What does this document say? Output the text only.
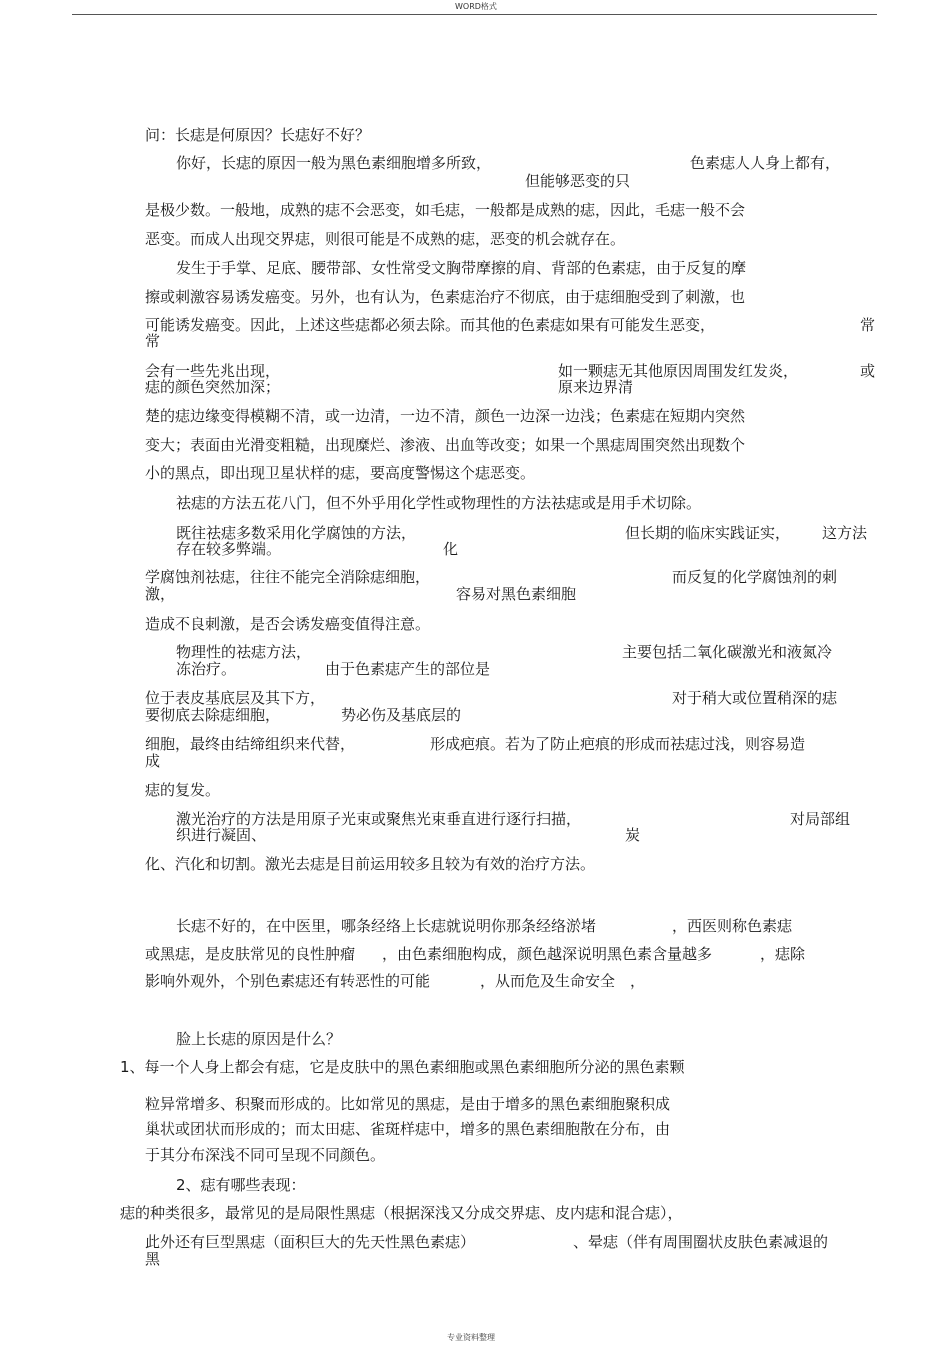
WORD格式
问：长痣是何原因？长痣好不好？
你好，长痣的原因一般为黑色素细胞增多所致，	色素痣人人身上都有，
但能够恶变的只
是极少数。一般地，成熟的痣不会恶变，如毛痣，一般都是成熟的痣，因此，毛痣一般不会
恶变。而成人出现交界痣，则很可能是不成熟的痣，恶变的机会就存在。
发生于手掌、足底、腰带部、女性常受文胸带摩擦的肩、背部的色素痣，由于反复的摩
擦或刺激容易诱发癌变。另外，也有认为，色素痣治疗不彻底，由于痣细胞受到了刺激，也
可能诱发癌变。因此，上述这些痣都必须去除。而其他的色素痣如果有可能发生恶变，	常
常
会有一些先兆出现，	如一颗痣无其他原因周围发红发炎，	或
痣的颜色突然加深；	原来边界清
楚的痣边缘变得模糊不清，或一边清，一边不清，颜色一边深一边浅；色素痣在短期内突然
变大；表面由光滑变粗糙，出现糜烂、渗液、出血等改变；如果一个黑痣周围突然出现数个
小的黑点，即出现卫星状样的痣，要高度警惕这个痣恶变。
祛痣的方法五花八门，但不外乎用化学性或物理性的方法祛痣或是用手术切除。
既往祛痣多数采用化学腐蚀的方法，	但长期的临床实践证实， 这方法
存在较多弊端。	化
学腐蚀剂祛痣，往往不能完全消除痣细胞，	而反复的化学腐蚀剂的刺
激，	容易对黑色素细胞
造成不良刺激，是否会诱发癌变值得注意。
物理性的祛痣方法，	主要包括二氧化碳激光和液氮冷
冻治疗。	由于色素痣产生的部位是
位于表皮基底层及其下方，	对于稍大或位置稍深的痣
要彻底去除痣细胞，	势必伤及基底层的
细胞，最终由结缔组织来代替，	形成疤痕。若为了防止疤痕的形成而祛痣过浅，则容易造
成
痣的复发。
激光治疗的方法是用原子光束或聚焦光束垂直进行逐行扫描，	对局部组
织进行凝固、	炭
化、汽化和切割。激光去痣是目前运用较多且较为有效的治疗方法。
长痣不好的，在中医里，哪条经络上长痣就说明你那条经络淤堵	，西医则称色素痣
或黑痣，是皮肤常见的良性肿瘤 ，由色素细胞构成，颜色越深说明黑色素含量越多	，痣除
影响外观外，个别色素痣还有转恶性的可能	，从而危及生命安全 ，
脸上长痣的原因是什么？
1、每一个人身上都会有痣，它是皮肤中的黑色素细胞或黑色素细胞所分泌的黑色素颗
粒异常增多、积聚而形成的。比如常见的黑痣，是由于增多的黑色素细胞聚积成
巢状或团状而形成的；而太田痣、雀斑样痣中，增多的黑色素细胞散在分布，由
于其分布深浅不同可呈现不同颜色。
2、痣有哪些表现：
痣的种类很多，最常见的是局限性黑痣（根据深浅又分成交界痣、皮内痣和混合痣），
此外还有巨型黑痣（面积巨大的先天性黑色素痣）	、晕痣（伴有周围圈状皮肤色素减退的
黑
专业资料整理
